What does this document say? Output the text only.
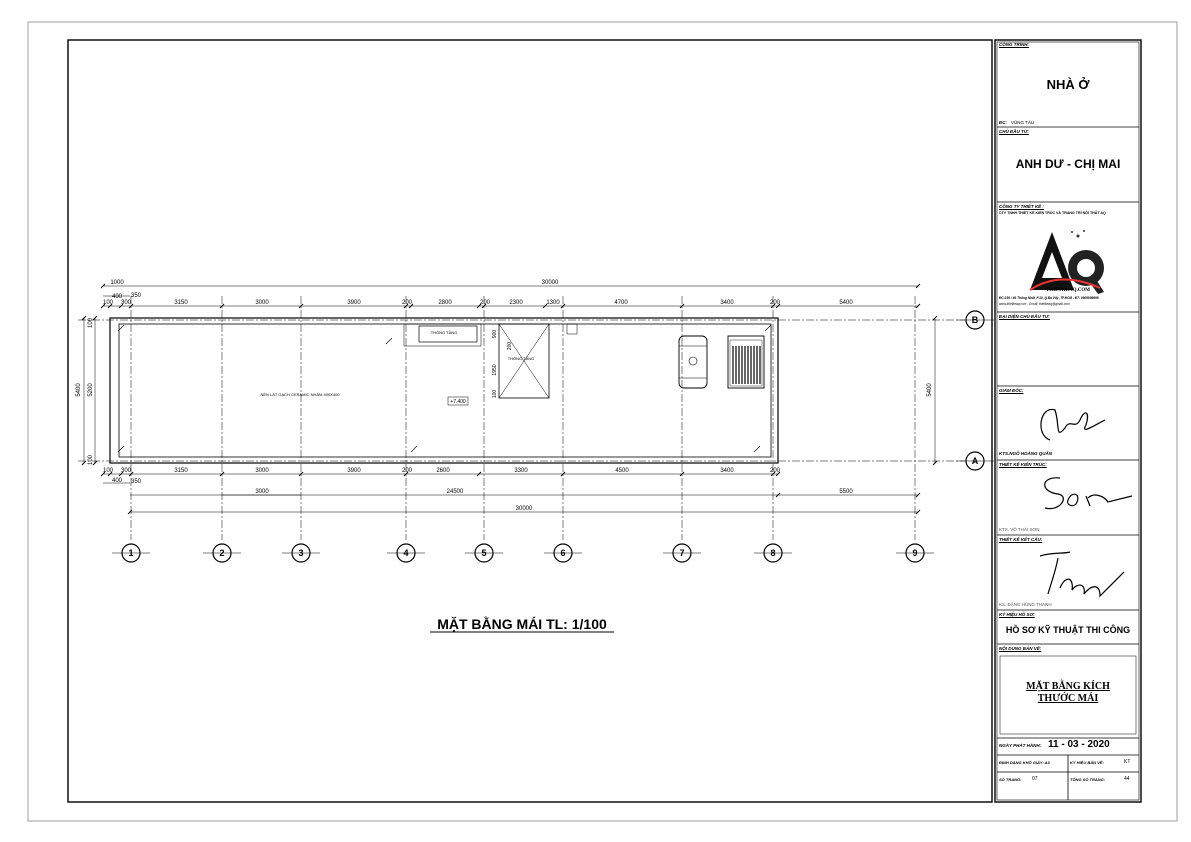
1	2	3	4	5	6	7	8	9
B
A
30000
1000
400 350
100 300	3150	3000	3900	200	2800	200	2300	1300	4700	3400	200	5400
100 300	3150	3000	3900	200	2600	3300	4500	3400	200
400 350
3000	24500	5500
30000
5400 5200
100
100
5400
900
200
1950
100
NỀN LÁT GẠCH CERAMIC NHÁM 400X400
THÔNG TẦNG
THÔNG TẦNG
+7.400
MẶT BẰNG MÁI TL: 1/100
CÔNG TRÌNH:
NHÀ Ở
ĐC: VŨNG TÀU
CHỦ ĐẦU TƯ:
ANH DƯ - CHỊ MAI
CÔNG TY THIẾT KẾ :
CTY TNHH THIẾT KẾ KIẾN TRÚC VÀ TRANG TRÍ NỘI THẤT AQ
THIETKEAQ.COM
ĐC:236 / 46 Thống Nhất ,P.10 ,Q.Bà Vấy ,TP.HCM - ĐT: 0909999999
www.thietkeaq.com - Email: thietkeaq@gmail.com
ĐẠI DIỆN CHỦ ĐẦU TƯ:
GIÁM ĐỐC:
KTS.NGÔ HOÀNG QUÂN
THIẾT KẾ KIẾN TRÚC:
KTS. VÕ THÁI SƠN
THIẾT KẾ KẾT CẤU:
KS. ĐẶNG HÙNG THANH
KÝ HIỆU HỒ SƠ:
HỒ SƠ KỸ THUẬT THI CÔNG
NỘI DUNG BẢN VẼ:
MẶT BẰNG KÍCH
THƯỚC MÁI
NGÀY PHÁT HÀNH: 11 - 03 - 2020
ĐỊNH DẠNG KHỔ GIẤY: A3	KÝ HIỆU BẢN VẼ:	KT
SỐ TRANG: 07	TỔNG SỐ TRANG:	44
